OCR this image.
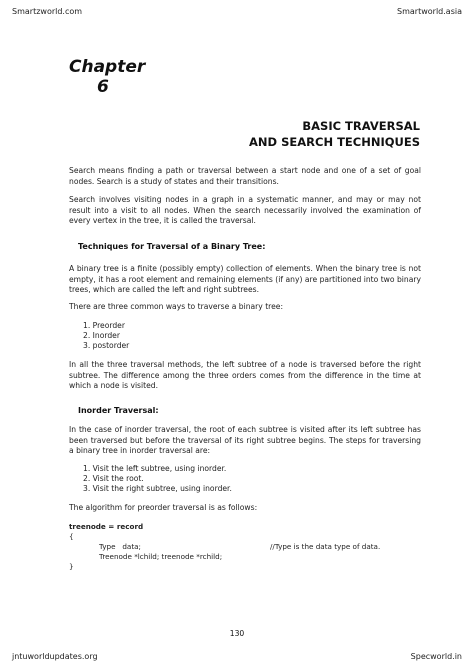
Smartzworld.com	Smartworld.asia
Chapter
6
BASIC TRAVERSAL
AND SEARCH TECHNIQUES
Search means finding a path or traversal between a start node and one of a set of goal nodes. Search is a study of states and their transitions.
Search involves visiting nodes in a graph in a systematic manner, and may or may not result into a visit to all nodes. When the search necessarily involved the examination of every vertex in the tree, it is called the traversal.
Techniques for Traversal of a Binary Tree:
A binary tree is a finite (possibly empty) collection of elements. When the binary tree is not empty, it has a root element and remaining elements (if any) are partitioned into two binary trees, which are called the left and right subtrees.
There are three common ways to traverse a binary tree:
1. Preorder
2. Inorder
3. postorder
In all the three traversal methods, the left subtree of a node is traversed before the right subtree. The difference among the three orders comes from the difference in the time at which a node is visited.
Inorder Traversal:
In the case of inorder traversal, the root of each subtree is visited after its left subtree has been traversed but before the traversal of its right subtree begins. The steps for traversing a binary tree in inorder traversal are:
1. Visit the left subtree, using inorder.
2. Visit the root.
3. Visit the right subtree, using inorder.
The algorithm for preorder traversal is as follows:
treenode = record
{
Type   data;	//Type is the data type of data.
Treenode *lchild; treenode *rchild;
}
130
jntuworldupdates.org	Specworld.in
